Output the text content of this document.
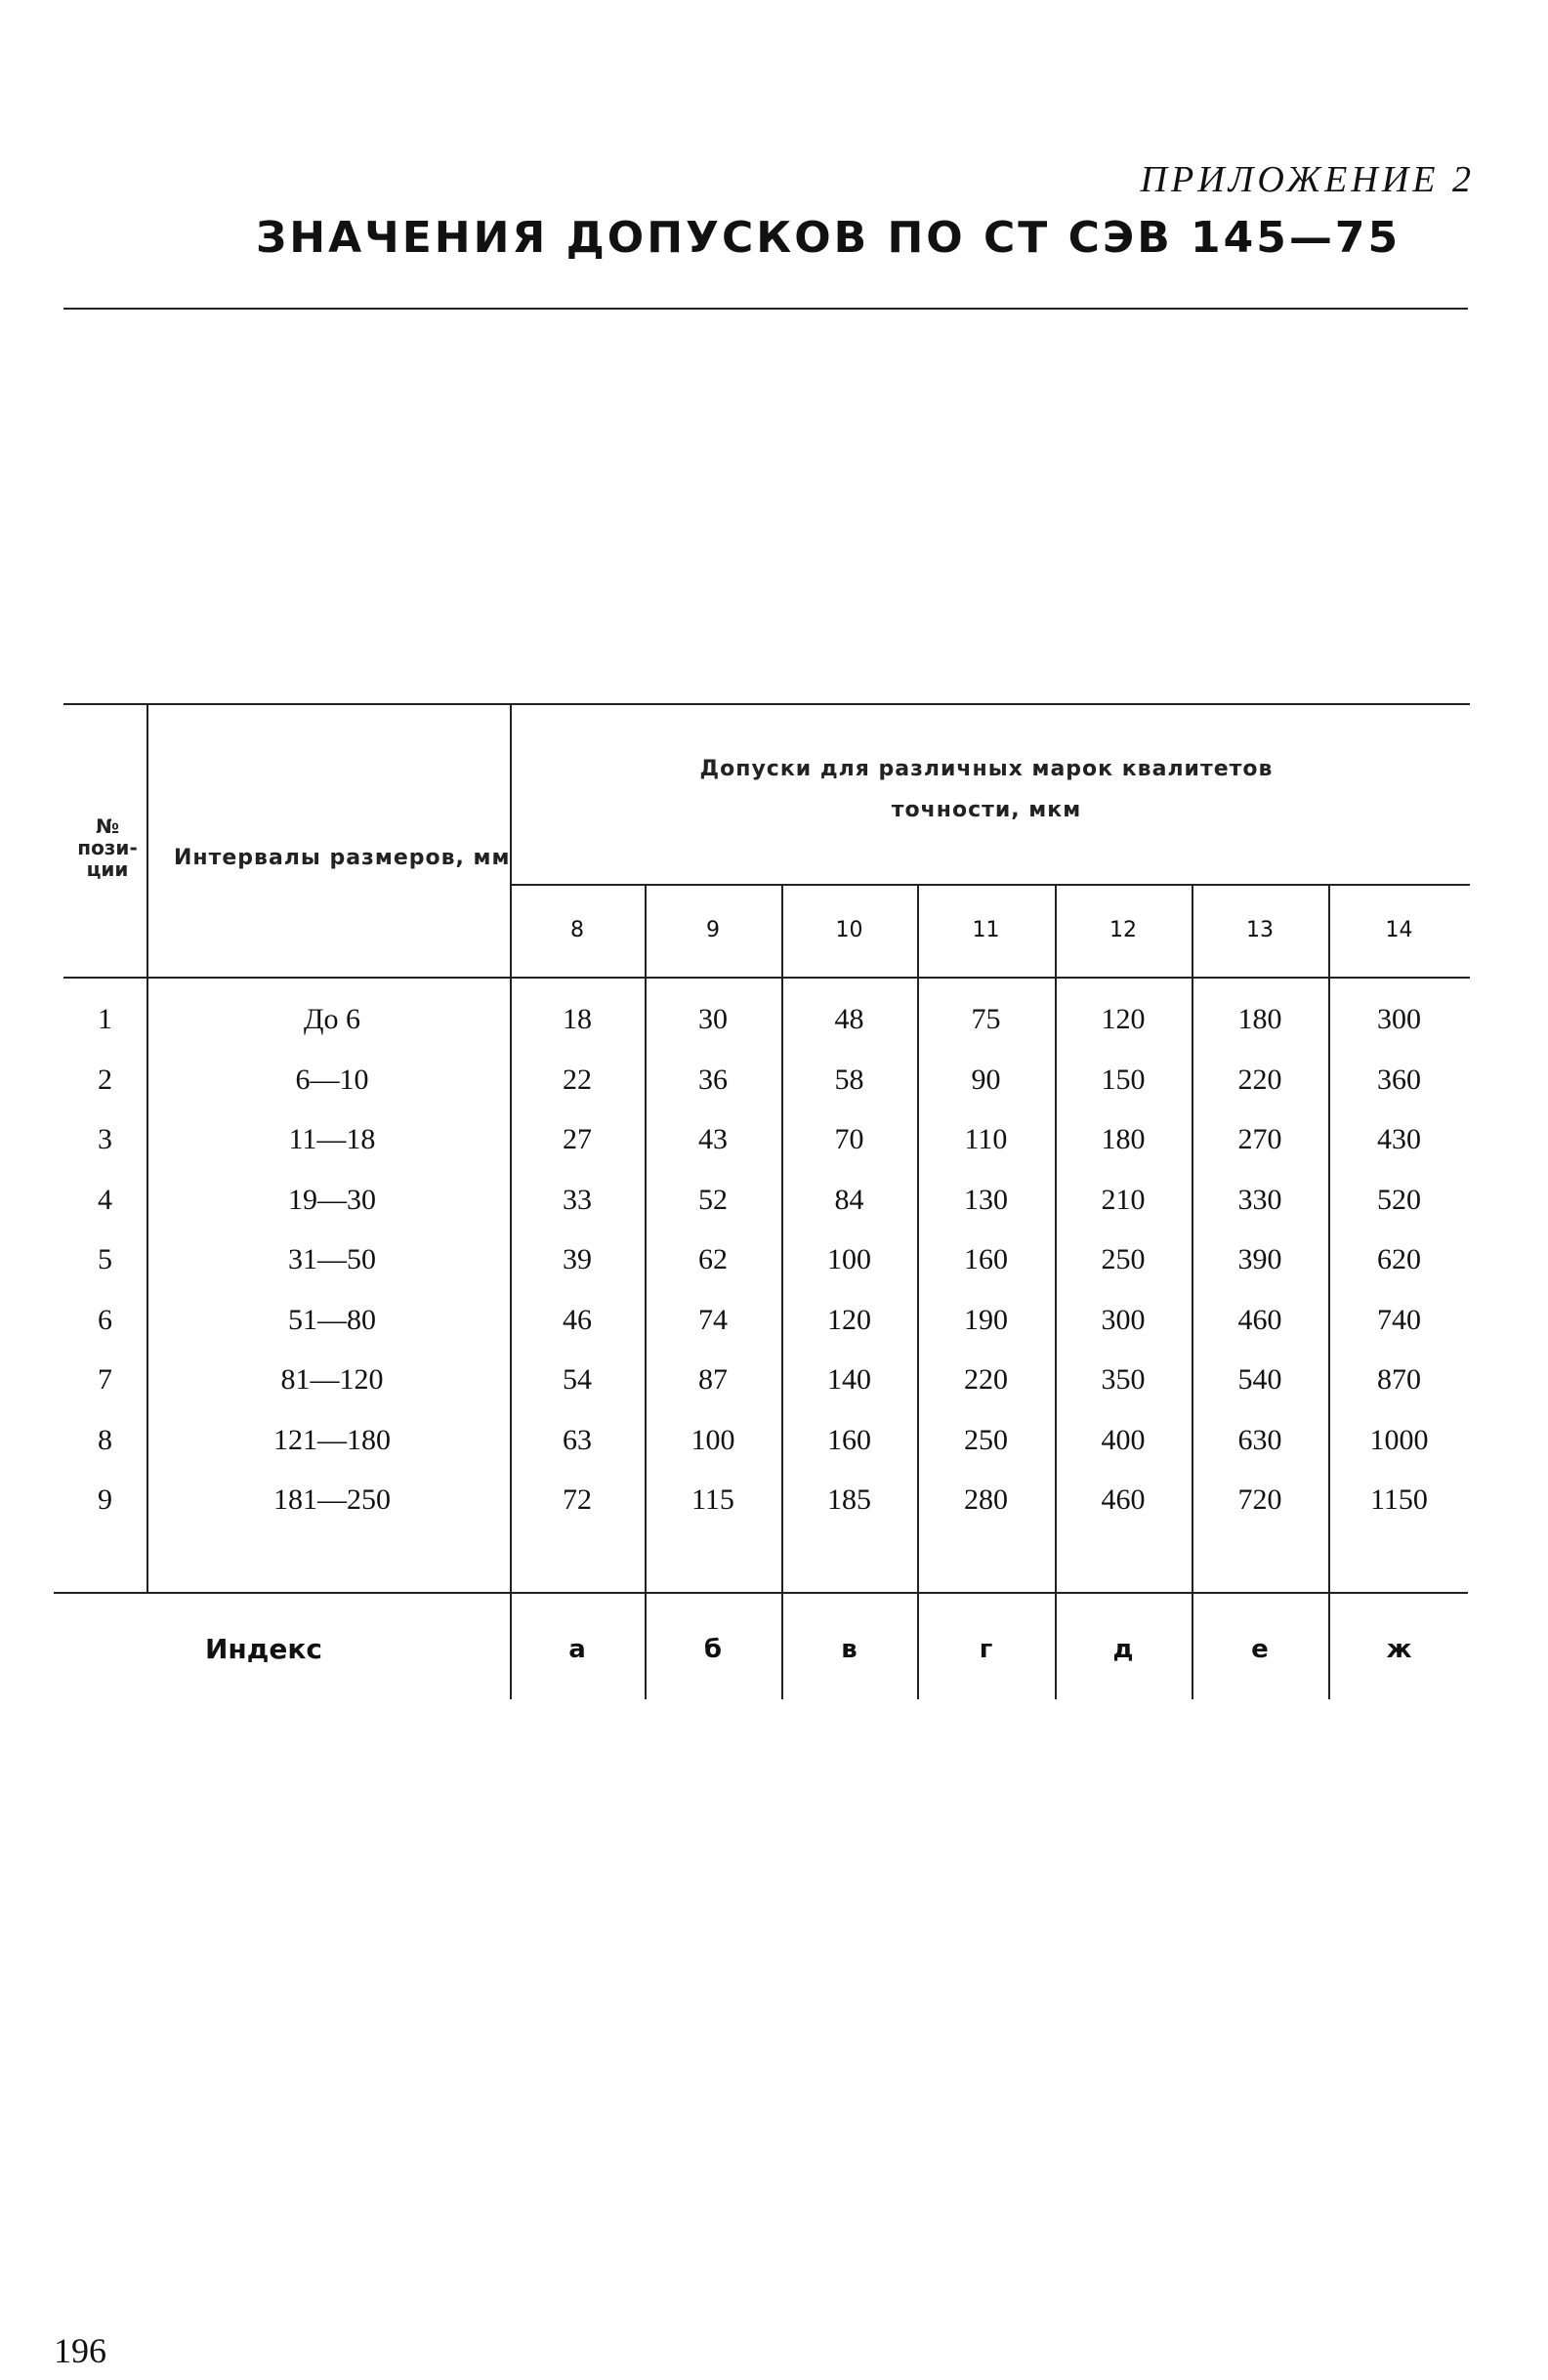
ПРИЛОЖЕНИЕ 2
ЗНАЧЕНИЯ ДОПУСКОВ ПО СТ СЭВ 145—75
№ пози- ции	Интервалы размеров, мм
Допуски для различных марок квалитетов точности, мкм
8	9	10	11	12	13	14
1	До 6	18	30	48	75	120	180	300
2	6—10	22	36	58	90	150	220	360
3	11—18	27	43	70	110	180	270	430
4	19—30	33	52	84	130	210	330	520
5	31—50	39	62	100	160	250	390	620
6	51—80	46	74	120	190	300	460	740
7	81—120	54	87	140	220	350	540	870
8	121—180	63	100	160	250	400	630	1000
9	181—250	72	115	185	280	460	720	1150
Индекс	а	б	в	г	д	е	ж
196
